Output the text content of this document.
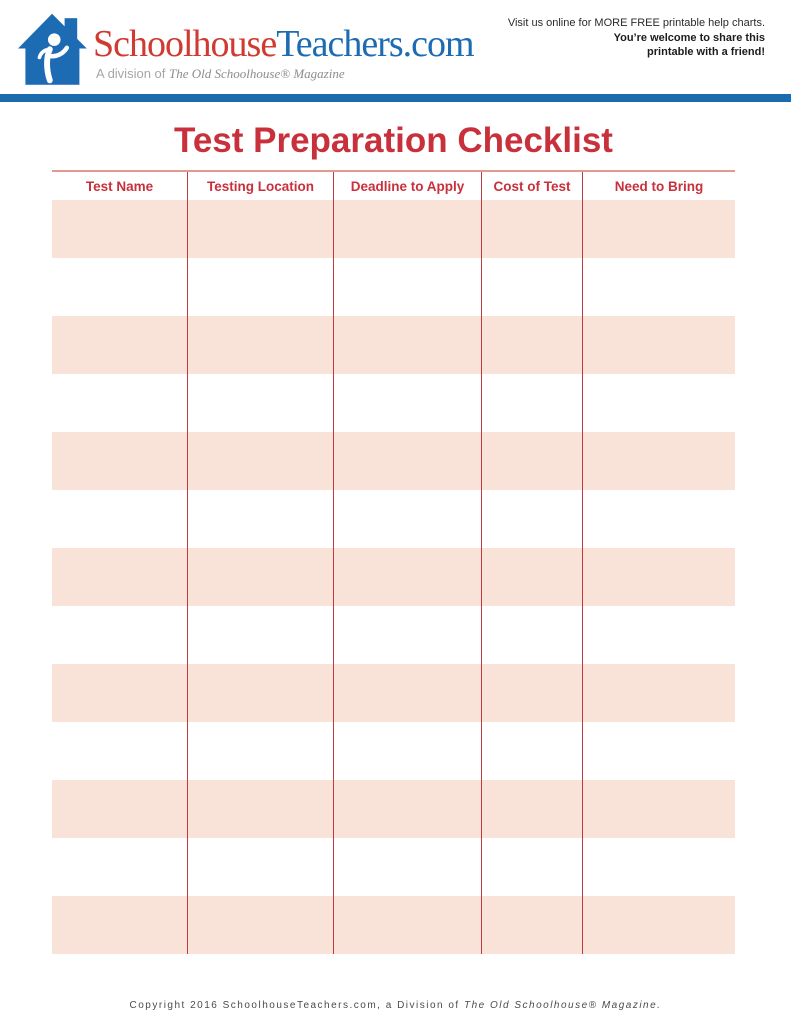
SchoolhouseTeachers.com
A division of The Old Schoolhouse® Magazine
Visit us online for MORE FREE printable help charts.
You’re welcome to share this
printable with a friend!
Test Preparation Checklist
Test Name	Testing Location	Deadline to Apply	Cost of Test	Need to Bring
Copyright 2016 SchoolhouseTeachers.com, a Division of The Old Schoolhouse® Magazine.
